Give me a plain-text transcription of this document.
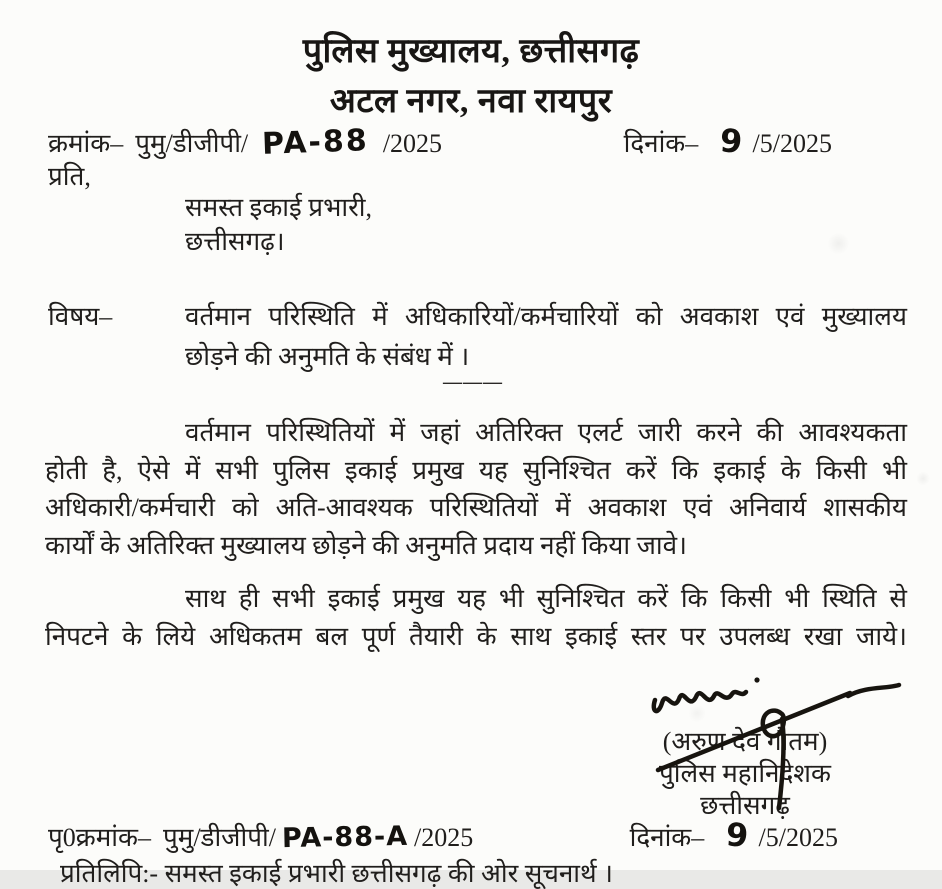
पुलिस मुख्यालय, छत्तीसगढ़
अटल नगर, नवा रायपुर
क्रमांक– पुमु/डीजीपी/ PA-88 /2025	दिनांक– 9 /5/2025
प्रति,
समस्त इकाई प्रभारी,
छत्तीसगढ़।
विषय–	वर्तमान परिस्थिति में अधिकारियों/कर्मचारियों को अवकाश एवं मुख्यालय
छोड़ने की अनुमति के संबंध में ।
———
वर्तमान परिस्थितियों में जहां अतिरिक्त एलर्ट जारी करने की आवश्यकता
होती है, ऐसे में सभी पुलिस इकाई प्रमुख यह सुनिश्चित करें कि इकाई के किसी भी
अधिकारी/कर्मचारी को अति-आवश्यक परिस्थितियों में अवकाश एवं अनिवार्य शासकीय
कार्यों के अतिरिक्त मुख्यालय छोड़ने की अनुमति प्रदाय नहीं किया जावे।
साथ ही सभी इकाई प्रमुख यह भी सुनिश्चित करें कि किसी भी स्थिति से
निपटने के लिये अधिकतम बल पूर्ण तैयारी के साथ इकाई स्तर पर उपलब्ध रखा जाये।
(अरुण देव गौतम)
पुलिस महानिदेशक
छत्तीसगढ़
पृ0क्रमांक– पुमु/डीजीपी/ PA-88-A /2025	दिनांक– 9 /5/2025
प्रतिलिपि:- समस्त इकाई प्रभारी छत्तीसगढ़ की ओर सूचनार्थ ।
